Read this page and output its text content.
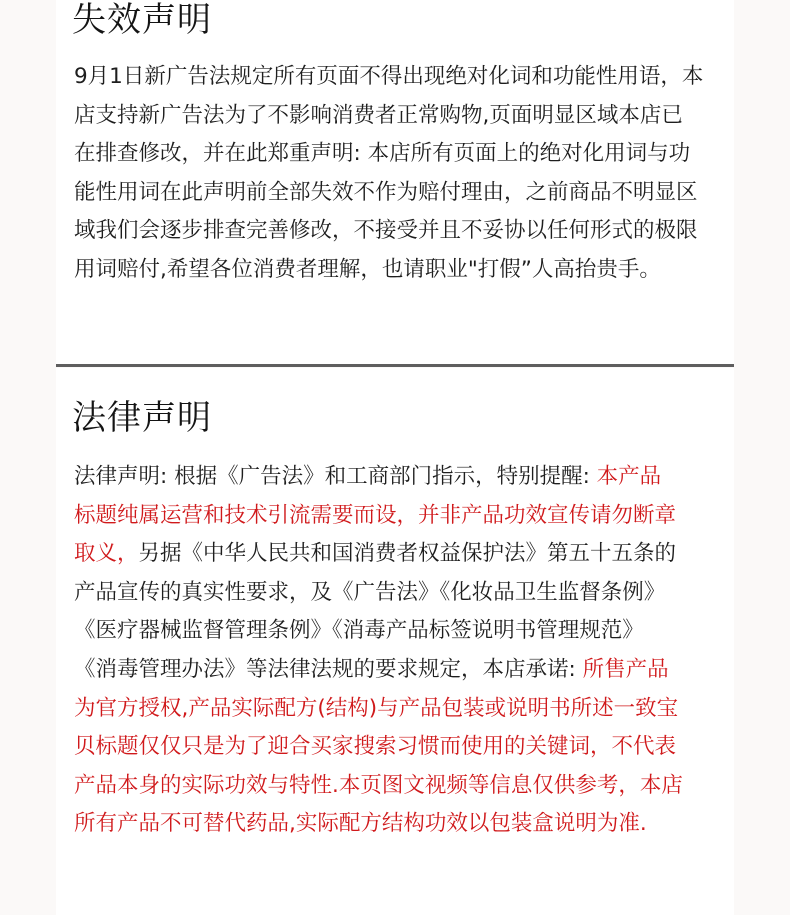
失效声明

9月1日新广告法规定所有页面不得出现绝对化词和功能性用语，本
店支持新广告法为了不影响消费者正常购物,页面明显区域本店已
在排查修改，并在此郑重声明: 本店所有页面上的绝对化用词与功
能性用词在此声明前全部失效不作为赔付理由，之前商品不明显区
域我们会逐步排查完善修改，不接受并且不妥协以任何形式的极限
用词赔付,希望各位消费者理解，也请职业"打假”人高抬贵手。

法律声明

法律声明: 根据《广告法》和工商部门指示，特别提醒: 本产品
标题纯属运营和技术引流需要而设，并非产品功效宣传请勿断章
取义，另据《中华人民共和国消费者权益保护法》第五十五条的
产品宣传的真实性要求，及《广告法》《化妆品卫生监督条例》
《医疗器械监督管理条例》《消毒产品标签说明书管理规范》
《消毒管理办法》等法律法规的要求规定，本店承诺: 所售产品
为官方授权,产品实际配方(结构)与产品包装或说明书所述一致宝
贝标题仅仅只是为了迎合买家搜索习惯而使用的关键词，不代表
产品本身的实际功效与特性.本页图文视频等信息仅供参考，本店
所有产品不可替代药品,实际配方结构功效以包装盒说明为准.
